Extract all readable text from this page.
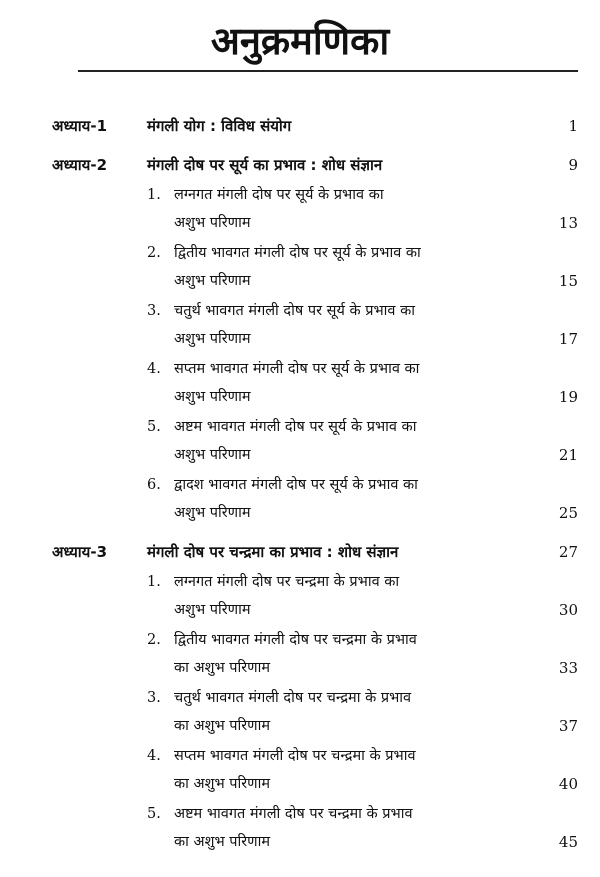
अनुक्रमणिका
अध्याय-1	मंगली योग : विविध संयोग	1
अध्याय-2	मंगली दोष पर सूर्य का प्रभाव : शोध संज्ञान	9
1. लग्नगत मंगली दोष पर सूर्य के प्रभाव का
अशुभ परिणाम	13
2. द्वितीय भावगत मंगली दोष पर सूर्य के प्रभाव का
अशुभ परिणाम	15
3. चतुर्थ भावगत मंगली दोष पर सूर्य के प्रभाव का
अशुभ परिणाम	17
4. सप्तम भावगत मंगली दोष पर सूर्य के प्रभाव का
अशुभ परिणाम	19
5. अष्टम भावगत मंगली दोष पर सूर्य के प्रभाव का
अशुभ परिणाम	21
6. द्वादश भावगत मंगली दोष पर सूर्य के प्रभाव का
अशुभ परिणाम	25
अध्याय-3	मंगली दोष पर चन्द्रमा का प्रभाव : शोध संज्ञान	27
1. लग्नगत मंगली दोष पर चन्द्रमा के प्रभाव का
अशुभ परिणाम	30
2. द्वितीय भावगत मंगली दोष पर चन्द्रमा के प्रभाव
का अशुभ परिणाम	33
3. चतुर्थ भावगत मंगली दोष पर चन्द्रमा के प्रभाव
का अशुभ परिणाम	37
4. सप्तम भावगत मंगली दोष पर चन्द्रमा के प्रभाव
का अशुभ परिणाम	40
5. अष्टम भावगत मंगली दोष पर चन्द्रमा के प्रभाव
का अशुभ परिणाम	45
